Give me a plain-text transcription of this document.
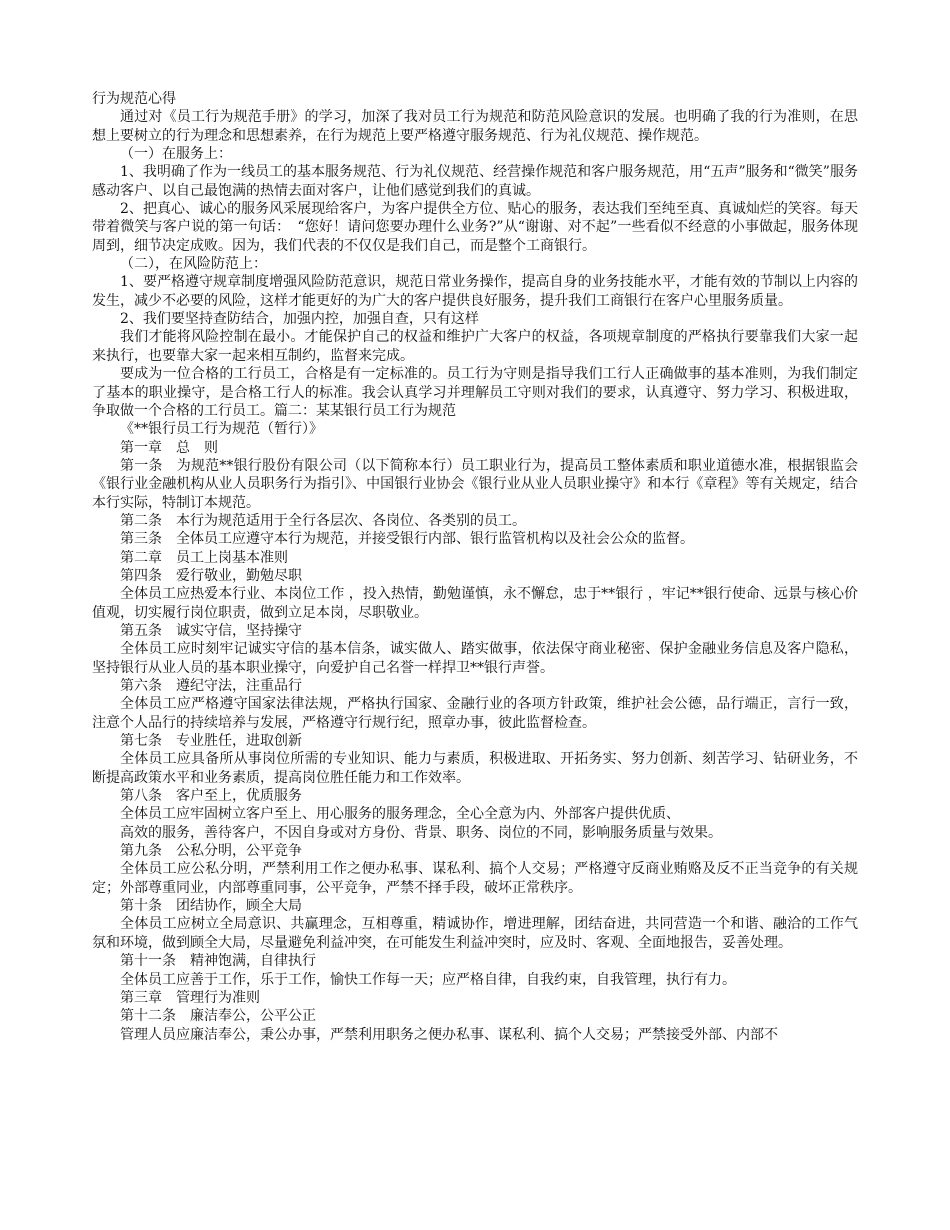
行为规范心得

通过对《员工行为规范手册》的学习，加深了我对员工行为规范和防范风险意识的发展。也明确了我的行为准则，在思想上要树立的行为理念和思想素养，在行为规范上要严格遵守服务规范、行为礼仪规范、操作规范。

（一）在服务上：

1、我明确了作为一线员工的基本服务规范、行为礼仪规范、经营操作规范和客户服务规范，用“五声”服务和“微笑”服务感动客户、以自己最饱满的热情去面对客户，让他们感觉到我们的真诚。

2、把真心、诚心的服务风采展现给客户，为客户提供全方位、贴心的服务，表达我们至纯至真、真诚灿烂的笑容。每天带着微笑与客户说的第一句话：　“您好！请问您要办理什么业务?”从“谢谢、对不起”一些看似不经意的小事做起，服务体现周到，细节决定成败。因为，我们代表的不仅仅是我们自己，而是整个工商银行。

（二），在风险防范上：

1、要严格遵守规章制度增强风险防范意识，规范日常业务操作，提高自身的业务技能水平，才能有效的节制以上内容的发生，减少不必要的风险，这样才能更好的为广大的客户提供良好服务，提升我们工商银行在客户心里服务质量。

2、我们要坚持查防结合，加强内控，加强自查，只有这样

我们才能将风险控制在最小。才能保护自己的权益和维护广大客户的权益，各项规章制度的严格执行要靠我们大家一起来执行，也要靠大家一起来相互制约，监督来完成。

要成为一位合格的工行员工，合格是有一定标准的。员工行为守则是指导我们工行人正确做事的基本准则，为我们制定了基本的职业操守，是合格工行人的标准。我会认真学习并理解员工守则对我们的要求，认真遵守、努力学习、积极进取，争取做一个合格的工行员工。篇二：某某银行员工行为规范

《**银行员工行为规范（暂行）》

第一章　总　则

第一条　为规范**银行股份有限公司（以下简称本行）员工职业行为，提高员工整体素质和职业道德水准，根据银监会《银行业金融机构从业人员职务行为指引》、中国银行业协会《银行业从业人员职业操守》和本行《章程》等有关规定，结合本行实际，特制订本规范。

第二条　本行为规范适用于全行各层次、各岗位、各类别的员工。

第三条　全体员工应遵守本行为规范，并接受银行内部、银行监管机构以及社会公众的监督。

第二章　员工上岗基本准则

第四条　爱行敬业，勤勉尽职

全体员工应热爱本行业、本岗位工作 ，投入热情，勤勉谨慎，永不懈怠，忠于**银行 ，牢记**银行使命、远景与核心价值观，切实履行岗位职责，做到立足本岗，尽职敬业。

第五条　诚实守信，坚持操守

全体员工应时刻牢记诚实守信的基本信条，诚实做人、踏实做事，依法保守商业秘密、保护金融业务信息及客户隐私，坚持银行从业人员的基本职业操守，向爱护自己名誉一样捍卫**银行声誉。

第六条　遵纪守法，注重品行

全体员工应严格遵守国家法律法规，严格执行国家、金融行业的各项方针政策，维护社会公德，品行端正，言行一致，注意个人品行的持续培养与发展，严格遵守行规行纪，照章办事，彼此监督检查。

第七条　专业胜任，进取创新

全体员工应具备所从事岗位所需的专业知识、能力与素质，积极进取、开拓务实、努力创新、刻苦学习、钻研业务，不断提高政策水平和业务素质，提高岗位胜任能力和工作效率。

第八条　客户至上，优质服务

全体员工应牢固树立客户至上、用心服务的服务理念，全心全意为内、外部客户提供优质、

高效的服务，善待客户，不因自身或对方身份、背景、职务、岗位的不同，影响服务质量与效果。

第九条　公私分明，公平竞争

全体员工应公私分明，严禁利用工作之便办私事、谋私利、搞个人交易；严格遵守反商业贿赂及反不正当竞争的有关规定；外部尊重同业，内部尊重同事，公平竞争，严禁不择手段，破坏正常秩序。

第十条　团结协作，顾全大局

全体员工应树立全局意识、共赢理念，互相尊重，精诚协作，增进理解，团结奋进，共同营造一个和谐、融洽的工作气氛和环境，做到顾全大局，尽量避免利益冲突，在可能发生利益冲突时，应及时、客观、全面地报告，妥善处理。

第十一条　精神饱满，自律执行

全体员工应善于工作，乐于工作，愉快工作每一天；应严格自律，自我约束，自我管理，执行有力。

第三章　管理行为准则

第十二条　廉洁奉公，公平公正

管理人员应廉洁奉公，秉公办事，严禁利用职务之便办私事、谋私利、搞个人交易；严禁接受外部、内部不
